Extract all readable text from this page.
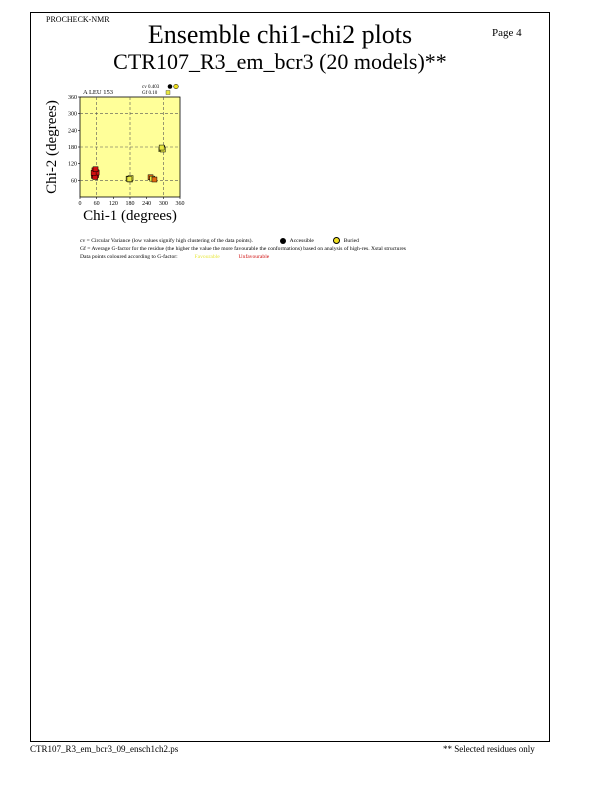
PROCHECK-NMR
Page 4
Ensemble chi1-chi2 plots
CTR107_R3_em_bcr3 (20 models)**
0 60 120 180 240 300 360
60
120
180
240
300
360
A LEU 153
cv 0.403
Gf 0.10
Chi-1 (degrees)
Chi-2 (degrees)
cv = Circular Variance (low values signify high clustering of the data points).	Accessible	Buried
Gf = Average G-factor for the residue (the higher the value the more favourable the conformations) based on analysis of high-res. Xstal structures
Data points coloured according to G-factor:	Favourable	Unfavourable
CTR107_R3_em_bcr3_09_ensch1ch2.ps	** Selected residues only
